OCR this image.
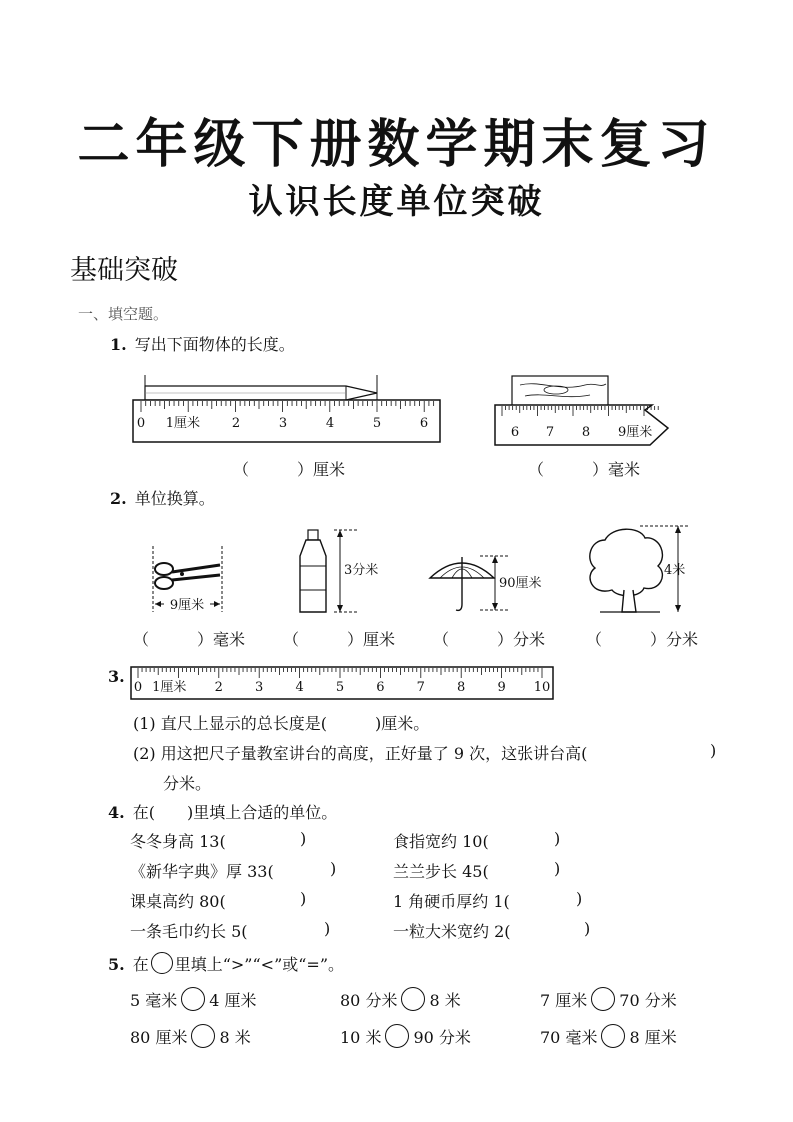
二年级下册数学期末复习
认识长度单位突破
基础突破
一、填空题。
1. 写出下面物体的长度。
0 1厘米 2	3	4	5	6
6 7 8 9厘米
9厘米
3分米
90厘米
4米
0 1厘米 2 3 4 5 6 7 8 9 10
（　　　）厘米	（　　　）毫米
2. 单位换算。
（　　　）毫米 （　　　）厘米 （　　　）分米	（　　　）分米
3.
(1) 直尺上显示的总长度是(　　　)厘米。
(2) 用这把尺子量教室讲台的高度，正好量了 9 次，这张讲台高(	)
分米。
4. 在(　　)里填上合适的单位。
冬冬身高 13(	)	食指宽约 10(	)
《新华字典》厚 33(	)	兰兰步长 45(	)
课桌高约 80(	)	1 角硬币厚约 1(	)
一条毛巾约长 5(	)	一粒大米宽约 2(	)
5. 在 里填上“>”“<”或“=”。
5 毫米 4 厘米	80 分米 8 米	7 厘米 70 分米
80 厘米 8 米	10 米 90 分米	70 毫米 8 厘米
